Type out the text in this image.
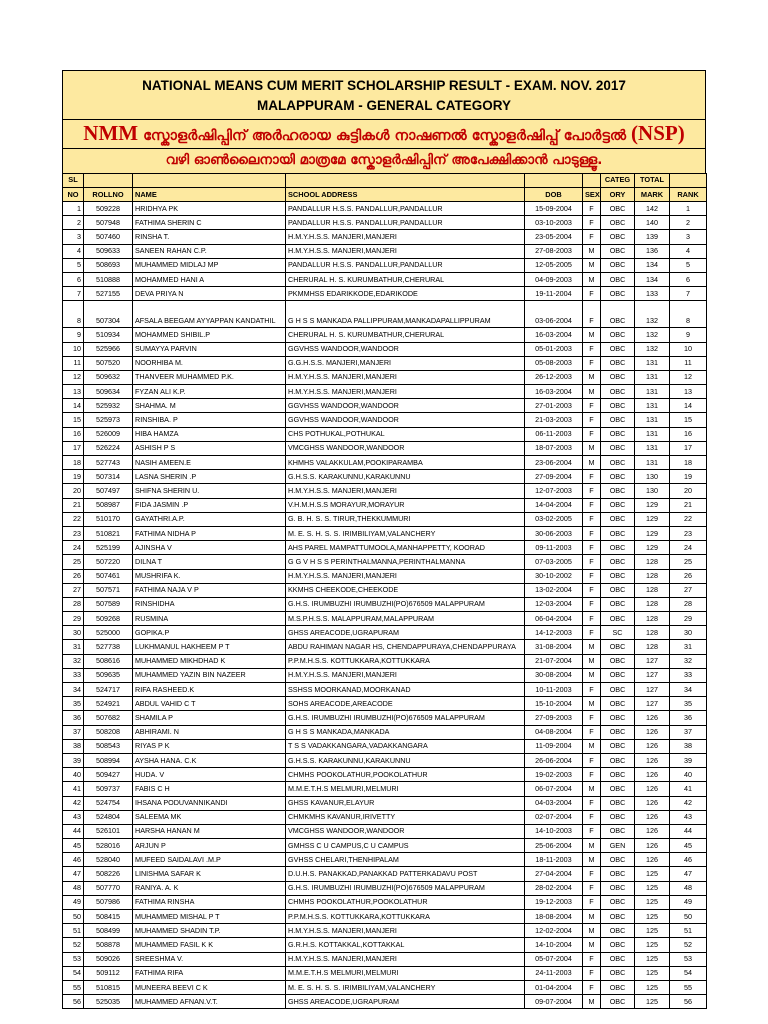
NATIONAL MEANS CUM MERIT SCHOLARSHIP RESULT - EXAM. NOV. 2017
MALAPPURAM - GENERAL CATEGORY
NMM സ്കോളർഷിപ്പിന് അർഹരായ കുട്ടികൾ നാഷണൽ സ്കോളർഷിപ്പ് പോർട്ടൽ (NSP)
വഴി ഓൺലൈനായി മാത്രമേ സ്കോളർഷിപ്പിന് അപേക്ഷിക്കാൻ പാടുള്ളൂ.
SL						CATEG	TOTAL	
NO	ROLLNO	NAME	SCHOOL ADDRESS	DOB	SEX	ORY	MARK	RANK
1	509228	HRIDHYA PK	PANDALLUR H.S.S. PANDALLUR,PANDALLUR	15-09-2004	F	OBC	142	1
2	507948	FATHIMA SHERIN C	PANDALLUR H.S.S. PANDALLUR,PANDALLUR	03-10-2003	F	OBC	140	2
3	507460	RINSHA T.	H.M.Y.H.S.S. MANJERI,MANJERI	23-05-2004	F	OBC	139	3
4	509633	SANEEN RAHAN C.P.	H.M.Y.H.S.S. MANJERI,MANJERI	27-08-2003	M	OBC	136	4
5	508693	MUHAMMED MIDLAJ MP	PANDALLUR H.S.S. PANDALLUR,PANDALLUR	12-05-2005	M	OBC	134	5
6	510888	MOHAMMED HANI A	CHERURAL H. S. KURUMBATHUR,CHERURAL	04-09-2003	M	OBC	134	6
7	527155	DEVA PRIYA N	PKMMHSS EDARIKKODE,EDARIKODE	19-11-2004	F	OBC	133	7
8	507304	AFSALA BEEGAM AYYAPPAN KANDATHIL	G H S S MANKADA PALLIPPURAM,MANKADAPALLIPPURAM	03-06-2004	F	OBC	132	8
9	510934	MOHAMMED SHIBIL.P	CHERURAL H. S. KURUMBATHUR,CHERURAL	16-03-2004	M	OBC	132	9
10	525966	SUMAYYA PARVIN	GGVHSS WANDOOR,WANDOOR	05-01-2003	F	OBC	132	10
11	507520	NOORHIBA M.	G.G.H.S.S. MANJERI,MANJERI	05-08-2003	F	OBC	131	11
12	509632	THANVEER MUHAMMED P.K.	H.M.Y.H.S.S. MANJERI,MANJERI	26-12-2003	M	OBC	131	12
13	509634	FYZAN ALI K.P.	H.M.Y.H.S.S. MANJERI,MANJERI	16-03-2004	M	OBC	131	13
14	525932	SHAHMA. M	GGVHSS WANDOOR,WANDOOR	27-01-2003	F	OBC	131	14
15	525973	RINSHIBA. P	GGVHSS WANDOOR,WANDOOR	21-03-2003	F	OBC	131	15
16	526009	HIBA HAMZA	CHS POTHUKAL,POTHUKAL	06-11-2003	F	OBC	131	16
17	526224	ASHISH P S	VMCGHSS WANDOOR,WANDOOR	18-07-2003	M	OBC	131	17
18	527743	NASIH AMEEN.E	KHMHS VALAKKULAM,POOKIPARAMBA	23-06-2004	M	OBC	131	18
19	507314	LASNA SHERIN .P	G.H.S.S. KARAKUNNU,KARAKUNNU	27-09-2004	F	OBC	130	19
20	507497	SHIFNA SHERIN U.	H.M.Y.H.S.S. MANJERI,MANJERI	12-07-2003	F	OBC	130	20
21	508987	FIDA JASMIN .P	V.H.M.H.S.S MORAYUR,MORAYUR	14-04-2004	F	OBC	129	21
22	510170	GAYATHRI.A.P.	G. B. H. S. S. TIRUR,THEKKUMMURI	03-02-2005	F	OBC	129	22
23	510821	FATHIMA NIDHA P	M. E. S. H. S. S. IRIMBILIYAM,VALANCHERY	30-06-2003	F	OBC	129	23
24	525199	AJINSHA V	AHS PAREL MAMPATTUMOOLA,MANHAPPETTY, KOORAD	09-11-2003	F	OBC	129	24
25	507220	DILNA T	G G V H S S PERINTHALMANNA,PERINTHALMANNA	07-03-2005	F	OBC	128	25
26	507461	MUSHRIFA K.	H.M.Y.H.S.S. MANJERI,MANJERI	30-10-2002	F	OBC	128	26
27	507571	FATHIMA NAJA V P	KKMHS CHEEKODE,CHEEKODE	13-02-2004	F	OBC	128	27
28	507589	RINSHIDHA	G.H.S. IRUMBUZHI IRUMBUZHI(PO)676509 MALAPPURAM	12-03-2004	F	OBC	128	28
29	509268	RUSMINA	M.S.P.H.S.S. MALAPPURAM,MALAPPURAM	06-04-2004	F	OBC	128	29
30	525000	GOPIKA.P	GHSS AREACODE,UGRAPURAM	14-12-2003	F	SC	128	30
31	527738	LUKHMANUL HAKHEEM P T	ABDU RAHIMAN NAGAR HS, CHENDAPPURAYA,CHENDAPPURAYA	31-08-2004	M	OBC	128	31
32	508616	MUHAMMED MIKHDHAD K	P.P.M.H.S.S. KOTTUKKARA,KOTTUKKARA	21-07-2004	M	OBC	127	32
33	509635	MUHAMMED YAZIN BIN NAZEER	H.M.Y.H.S.S. MANJERI,MANJERI	30-08-2004	M	OBC	127	33
34	524717	RIFA RASHEED.K	SSHSS MOORKANAD,MOORKANAD	10-11-2003	F	OBC	127	34
35	524921	ABDUL VAHID C T	SOHS AREACODE,AREACODE	15-10-2004	M	OBC	127	35
36	507682	SHAMILA P	G.H.S. IRUMBUZHI IRUMBUZHI(PO)676509 MALAPPURAM	27-09-2003	F	OBC	126	36
37	508208	ABHIRAMI. N	G H S S MANKADA,MANKADA	04-08-2004	F	OBC	126	37
38	508543	RIYAS P K	T S S VADAKKANGARA,VADAKKANGARA	11-09-2004	M	OBC	126	38
39	508994	AYSHA HANA. C.K	G.H.S.S. KARAKUNNU,KARAKUNNU	26-06-2004	F	OBC	126	39
40	509427	HUDA. V	CHMHS POOKOLATHUR,POOKOLATHUR	19-02-2003	F	OBC	126	40
41	509737	FABIS C H	M.M.E.T.H.S MELMURI,MELMURI	06-07-2004	M	OBC	126	41
42	524754	IHSANA PODUVANNIKANDI	GHSS KAVANUR,ELAYUR	04-03-2004	F	OBC	126	42
43	524804	SALEEMA MK	CHMKMHS KAVANUR,IRIVETTY	02-07-2004	F	OBC	126	43
44	526101	HARSHA HANAN M	VMCGHSS WANDOOR,WANDOOR	14-10-2003	F	OBC	126	44
45	528016	ARJUN P	GMHSS C U CAMPUS,C U CAMPUS	25-06-2004	M	GEN	126	45
46	528040	MUFEED SAIDALAVI .M.P	GVHSS CHELARI,THENHIPALAM	18-11-2003	M	OBC	126	46
47	508226	LINISHMA SAFAR K	D.U.H.S. PANAKKAD,PANAKKAD PATTERKADAVU POST	27-04-2004	F	OBC	125	47
48	507770	RANIYA. A. K	G.H.S. IRUMBUZHI IRUMBUZHI(PO)676509 MALAPPURAM	28-02-2004	F	OBC	125	48
49	507986	FATHIMA RINSHA	CHMHS POOKOLATHUR,POOKOLATHUR	19-12-2003	F	OBC	125	49
50	508415	MUHAMMED MISHAL P T	P.P.M.H.S.S. KOTTUKKARA,KOTTUKKARA	18-08-2004	M	OBC	125	50
51	508499	MUHAMMED SHADIN T.P.	H.M.Y.H.S.S. MANJERI,MANJERI	12-02-2004	M	OBC	125	51
52	508878	MUHAMMED FASIL K K	G.R.H.S. KOTTAKKAL,KOTTAKKAL	14-10-2004	M	OBC	125	52
53	509026	SREESHMA V.	H.M.Y.H.S.S. MANJERI,MANJERI	05-07-2004	F	OBC	125	53
54	509112	FATHIMA RIFA	M.M.E.T.H.S MELMURI,MELMURI	24-11-2003	F	OBC	125	54
55	510815	MUNEERA BEEVI C K	M. E. S. H. S. S. IRIMBILIYAM,VALANCHERY	01-04-2004	F	OBC	125	55
56	525035	MUHAMMED AFNAN.V.T.	GHSS AREACODE,UGRAPURAM	09-07-2004	M	OBC	125	56
